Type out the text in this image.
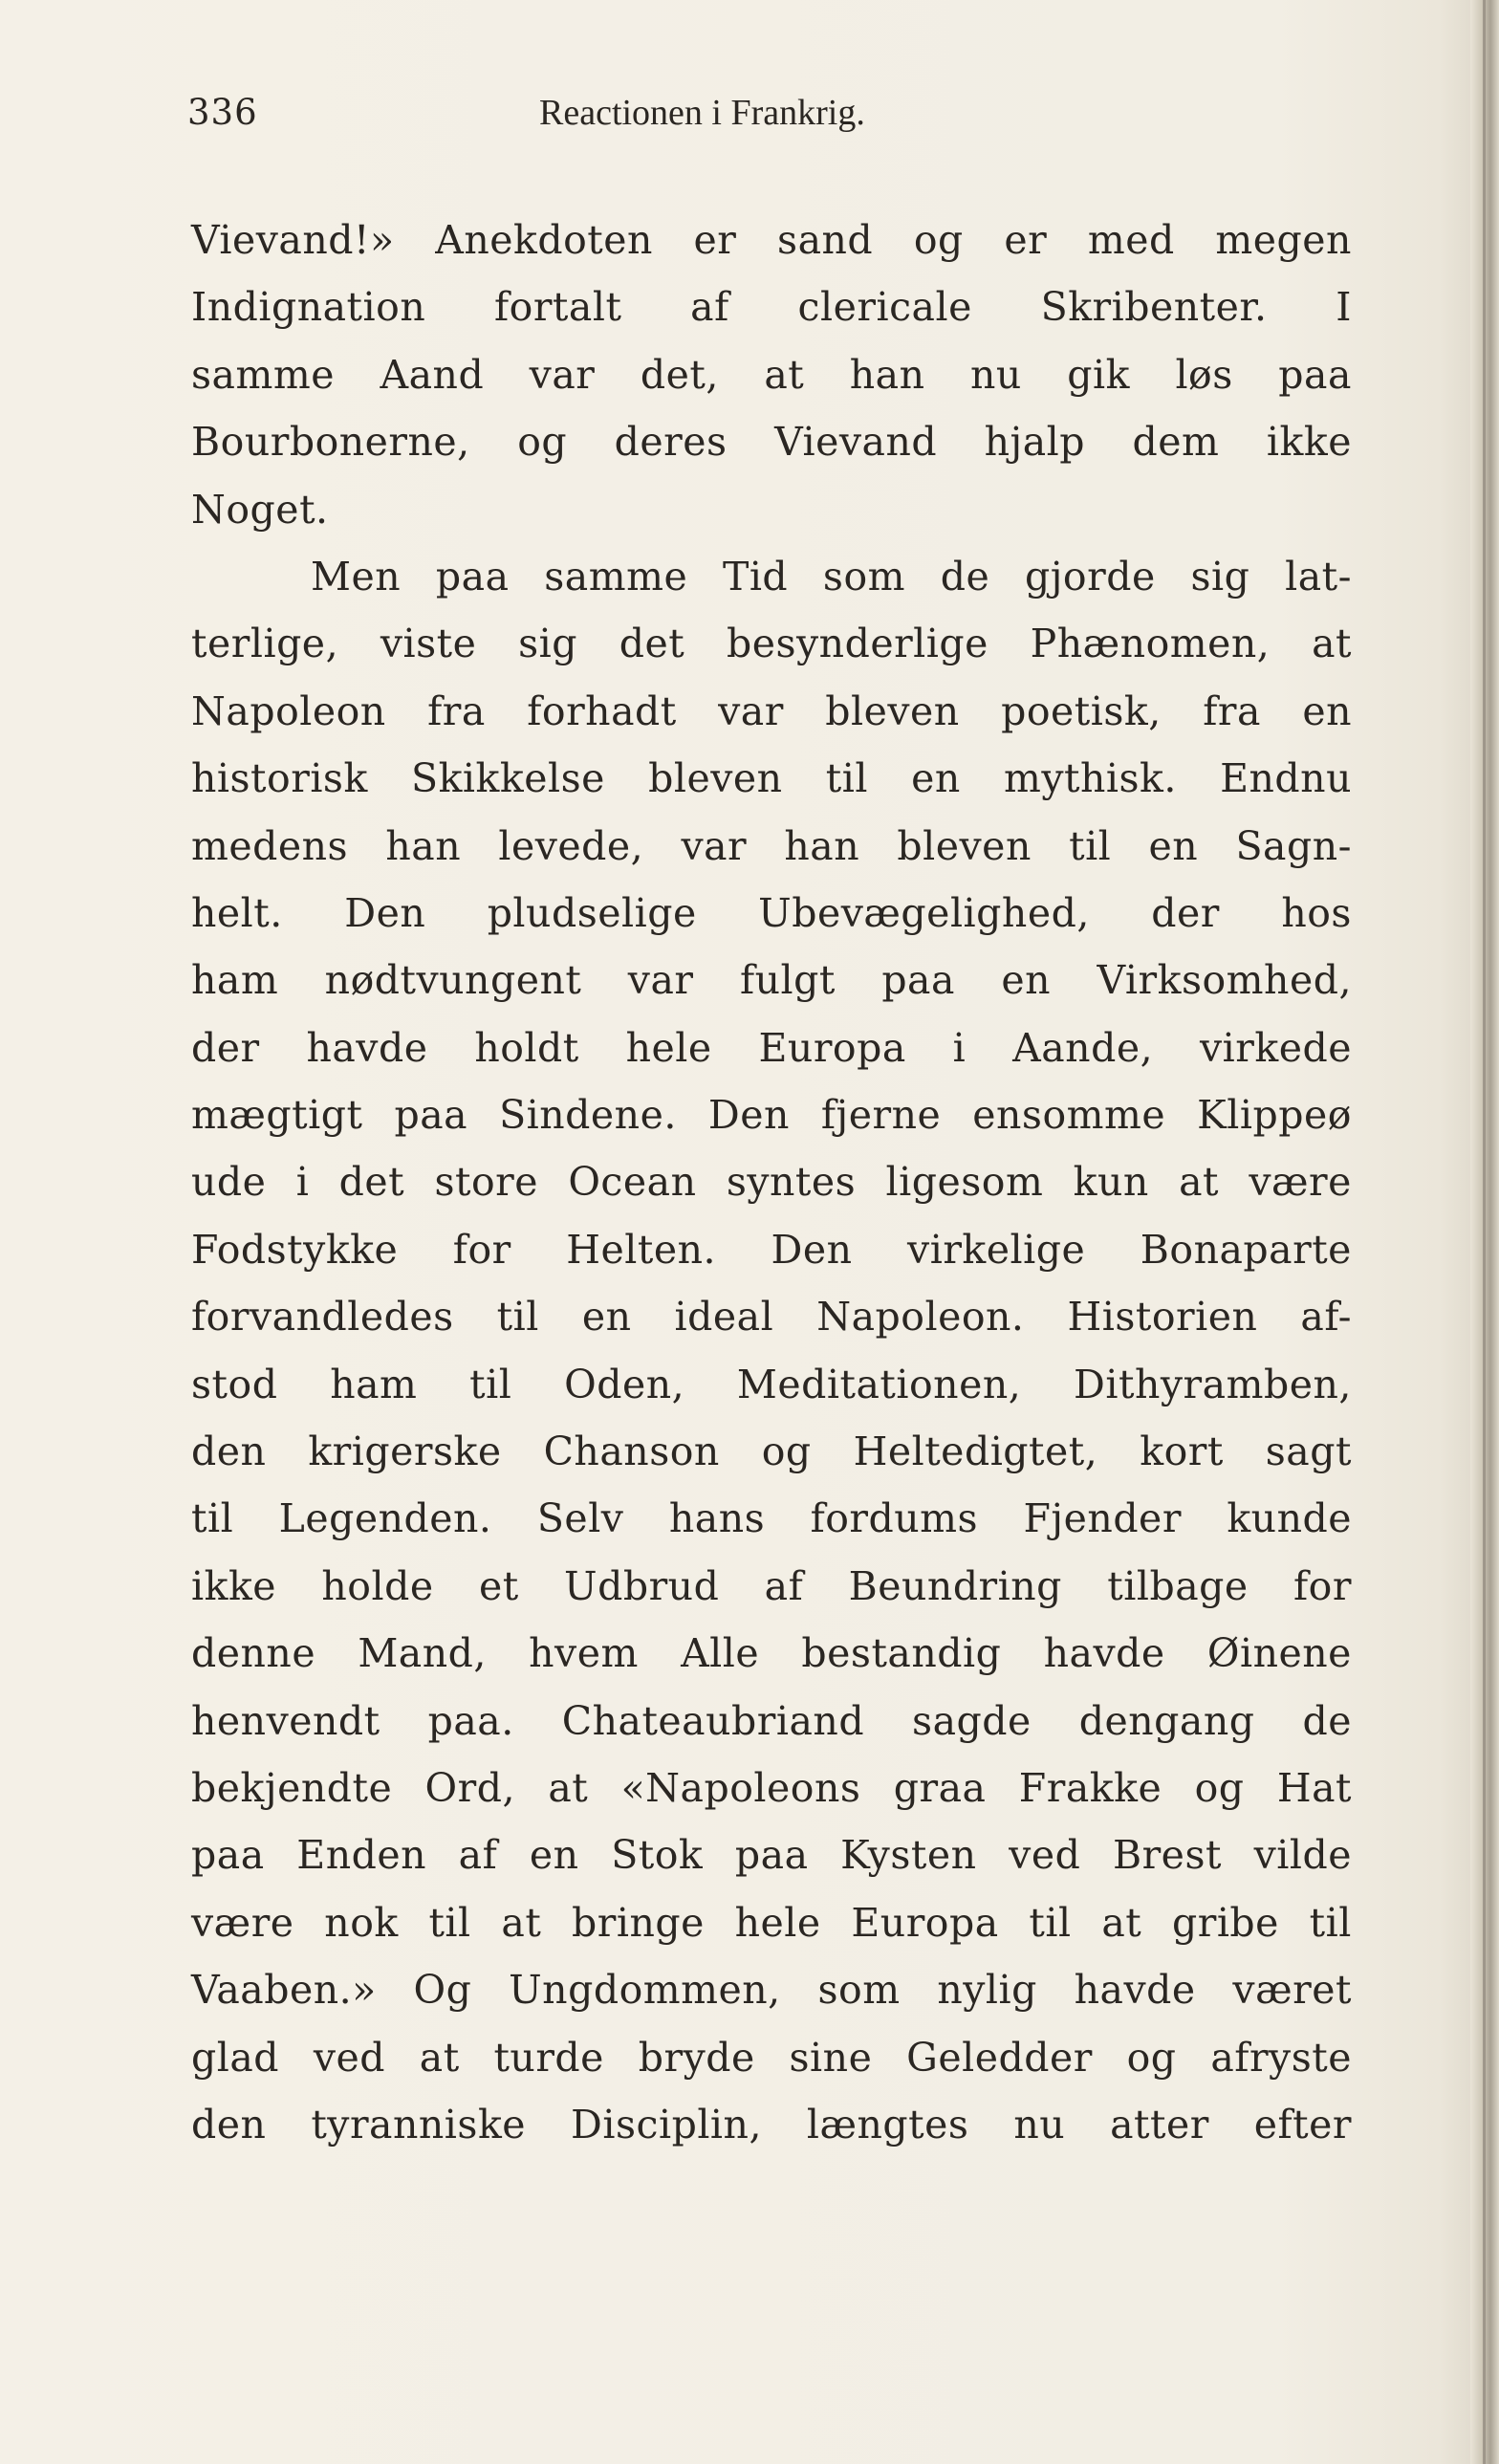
336	Reactionen i Frankrig.
Vievand!» Anekdoten er sand og er med megen
Indignation fortalt af clericale Skribenter. I
samme Aand var det, at han nu gik løs paa
Bourbonerne, og deres Vievand hjalp dem ikke
Noget.
Men paa samme Tid som de gjorde sig lat-
terlige, viste sig det besynderlige Phænomen, at
Napoleon fra forhadt var bleven poetisk, fra en
historisk Skikkelse bleven til en mythisk. Endnu
medens han levede, var han bleven til en Sagn-
helt. Den pludselige Ubevægelighed, der hos
ham nødtvungent var fulgt paa en Virksomhed,
der havde holdt hele Europa i Aande, virkede
mægtigt paa Sindene. Den fjerne ensomme Klippeø
ude i det store Ocean syntes ligesom kun at være
Fodstykke for Helten. Den virkelige Bonaparte
forvandledes til en ideal Napoleon. Historien af-
stod ham til Oden, Meditationen, Dithyramben,
den krigerske Chanson og Heltedigtet, kort sagt
til Legenden. Selv hans fordums Fjender kunde
ikke holde et Udbrud af Beundring tilbage for
denne Mand, hvem Alle bestandig havde Øinene
henvendt paa. Chateaubriand sagde dengang de
bekjendte Ord, at «Napoleons graa Frakke og Hat
paa Enden af en Stok paa Kysten ved Brest vilde
være nok til at bringe hele Europa til at gribe til
Vaaben.» Og Ungdommen, som nylig havde været
glad ved at turde bryde sine Geledder og afryste
den tyranniske Disciplin, længtes nu atter efter
